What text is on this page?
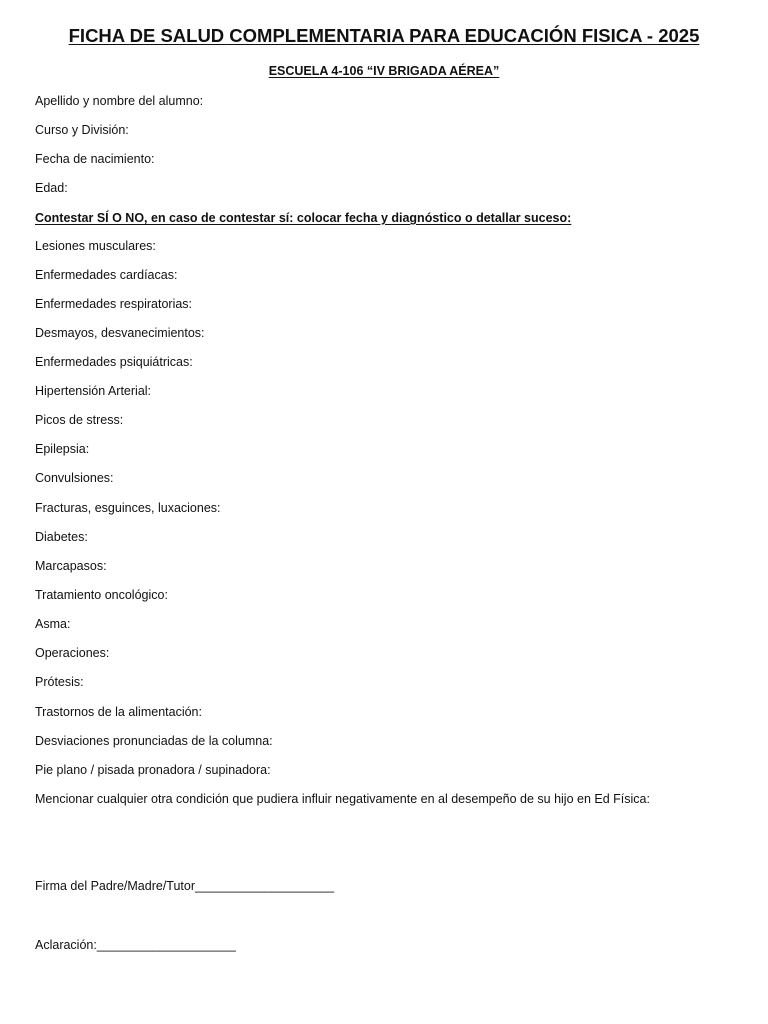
FICHA DE SALUD COMPLEMENTARIA PARA EDUCACIÓN FISICA - 2025
ESCUELA 4-106 “IV BRIGADA AÉREA”
Apellido y nombre del alumno:
Curso y División:
Fecha de nacimiento:
Edad:
Contestar SÍ O NO, en caso de contestar sí: colocar fecha y diagnóstico o detallar suceso:
Lesiones musculares:
Enfermedades cardíacas:
Enfermedades respiratorias:
Desmayos, desvanecimientos:
Enfermedades psiquiátricas:
Hipertensión Arterial:
Picos de stress:
Epilepsia:
Convulsiones:
Fracturas, esguinces, luxaciones:
Diabetes:
Marcapasos:
Tratamiento oncológico:
Asma:
Operaciones:
Prótesis:
Trastornos de la alimentación:
Desviaciones pronunciadas de la columna:
Pie plano / pisada pronadora / supinadora:
Mencionar cualquier otra condición que pudiera influir negativamente en al desempeño de su hijo en Ed Física:
Firma del Padre/Madre/Tutor____________________
Aclaración:____________________
